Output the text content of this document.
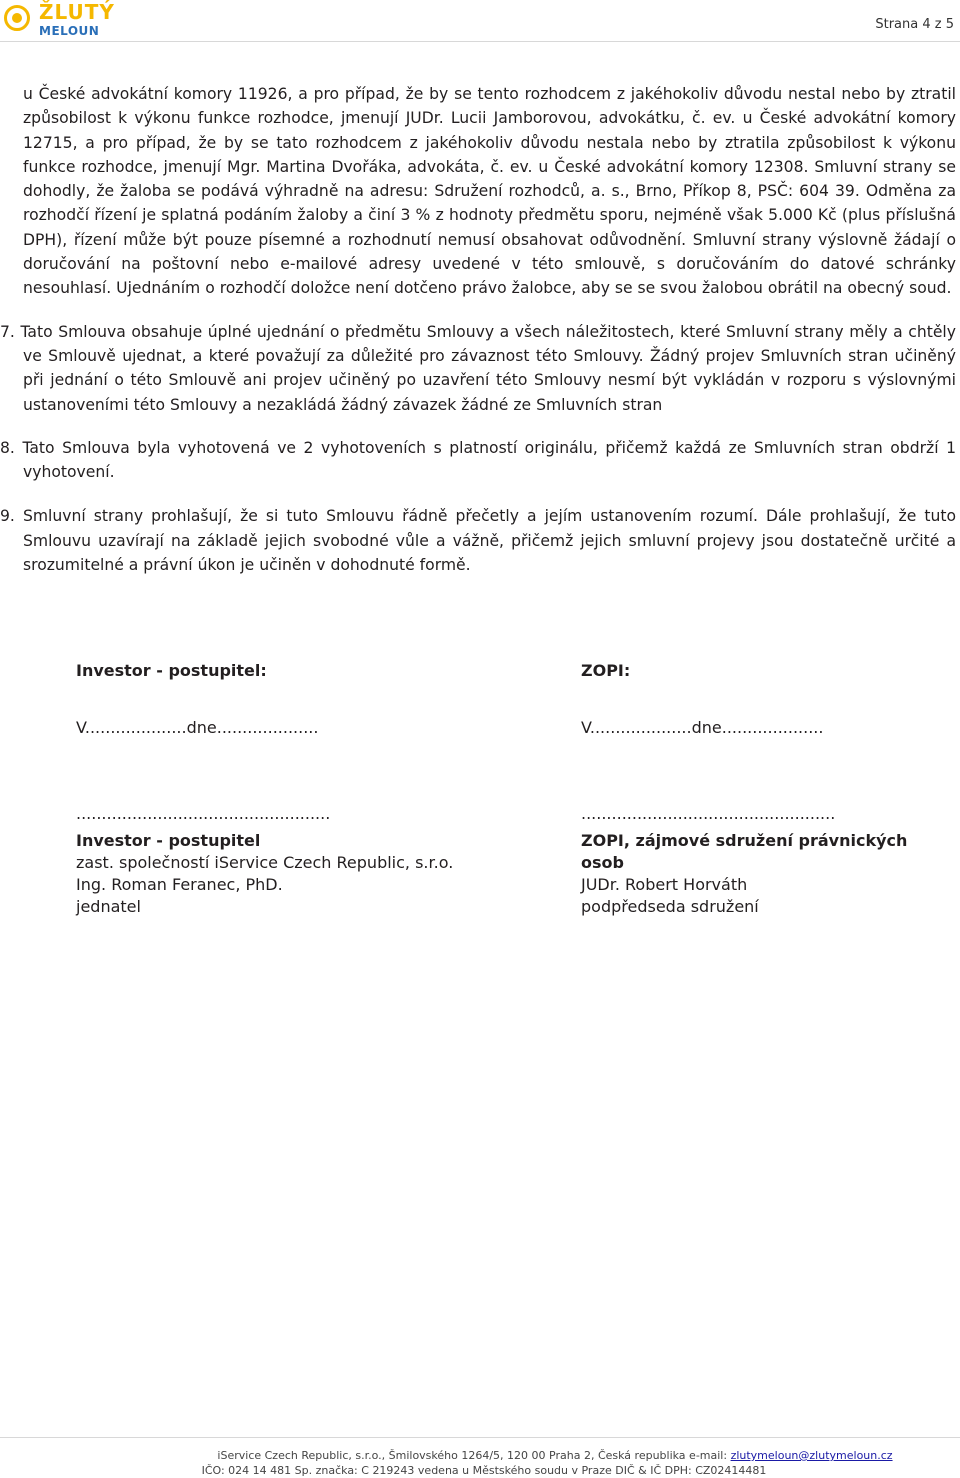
ŽLUTÝ
MELOUN	Strana 4 z 5

u České advokátní komory 11926, a pro případ, že by se tento rozhodcem z jakéhokoliv důvodu nestal nebo by ztratil způsobilost k výkonu funkce rozhodce, jmenují JUDr. Lucii Jamborovou, advokátku, č. ev. u České advokátní komory 12715, a pro případ, že by se tato rozhodcem z jakéhokoliv důvodu nestala nebo by ztratila způsobilost k výkonu funkce rozhodce, jmenují Mgr. Martina Dvořáka, advokáta, č. ev. u České advokátní komory 12308. Smluvní strany se dohodly, že žaloba se podává výhradně na adresu: Sdružení rozhodců, a. s., Brno, Příkop 8, PSČ: 604 39. Odměna za rozhodčí řízení je splatná podáním žaloby a činí 3 % z hodnoty předmětu sporu, nejméně však 5.000 Kč (plus příslušná DPH), řízení může být pouze písemné a rozhodnutí nemusí obsahovat odůvodnění. Smluvní strany výslovně žádají o doručování na poštovní nebo e-mailové adresy uvedené v této smlouvě, s doručováním do datové schránky nesouhlasí. Ujednáním o rozhodčí doložce není dotčeno právo žalobce, aby se se svou žalobou obrátil na obecný soud.

7. Tato Smlouva obsahuje úplné ujednání o předmětu Smlouvy a všech náležitostech, které Smluvní strany měly a chtěly ve Smlouvě ujednat, a které považují za důležité pro závaznost této Smlouvy. Žádný projev Smluvních stran učiněný při jednání o této Smlouvě ani projev učiněný po uzavření této Smlouvy nesmí být vykládán v rozporu s výslovnými ustanoveními této Smlouvy a nezakládá žádný závazek žádné ze Smluvních stran

8. Tato Smlouva byla vyhotovená ve 2 vyhotoveních s platností originálu, přičemž každá ze Smluvních stran obdrží 1 vyhotovení.

9. Smluvní strany prohlašují, že si tuto Smlouvu řádně přečetly a jejím ustanovením rozumí. Dále prohlašují, že tuto Smlouvu uzavírají na základě jejich svobodné vůle a vážně, přičemž jejich smluvní projevy jsou dostatečně určité a srozumitelné a právní úkon je učiněn v dohodnuté formě.

Investor - postupitel:
V....................dne....................
..................................................
Investor - postupitel
zast. společností iService Czech Republic, s.r.o.
Ing. Roman Feranec, PhD.
jednatel
ZOPI:
V....................dne....................
..................................................
ZOPI, zájmové sdružení právnických
osob
JUDr. Robert Horváth
podpředseda sdružení
iService Czech Republic, s.r.o., Šmilovského 1264/5, 120 00 Praha 2, Česká republika e-mail: zlutymeloun@zlutymeloun.cz
IČO: 024 14 481 Sp. značka: C 219243 vedena u Městského soudu v Praze DIČ & IČ DPH: CZ02414481
